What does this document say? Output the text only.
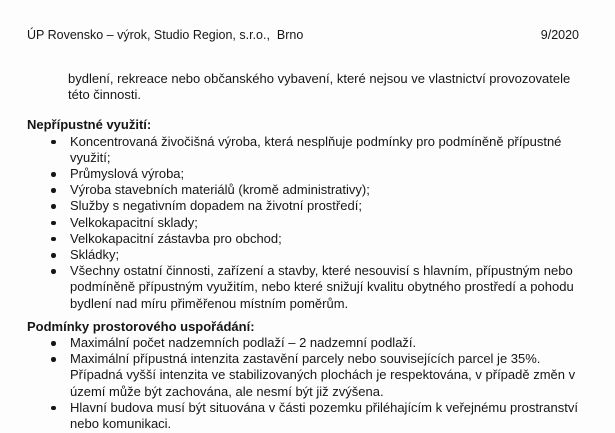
ÚP Rovensko – výrok, Studio Region, s.r.o.,  Brno	9/2020

bydlení, rekreace nebo občanského vybavení, které nejsou ve vlastnictví provozovatele této činnosti.

Nepřípustné využití:
Koncentrovaná živočišná výroba, která nesplňuje podmínky pro podmíněně přípustné využití;
Průmyslová výroba;
Výroba stavebních materiálů (kromě administrativy);
Služby s negativním dopadem na životní prostředí;
Velkokapacitní sklady;
Velkokapacitní zástavba pro obchod;
Skládky;
Všechny ostatní činnosti, zařízení a stavby, které nesouvisí s hlavním, přípustným nebo podmíněně přípustným využitím, nebo které snižují kvalitu obytného prostředí a pohodu bydlení nad míru přiměřenou místním poměrům.
Podmínky prostorového uspořádání:
Maximální počet nadzemních podlaží – 2 nadzemní podlaží.
Maximální přípustná intenzita zastavění parcely nebo souvisejících parcel je 35%. Případná vyšší intenzita ve stabilizovaných plochách je respektována, v případě změn v území může být zachována, ale nesmí být již zvýšena.
Hlavní budova musí být situována v části pozemku přiléhajícím k veřejnému prostranství nebo komunikaci.
